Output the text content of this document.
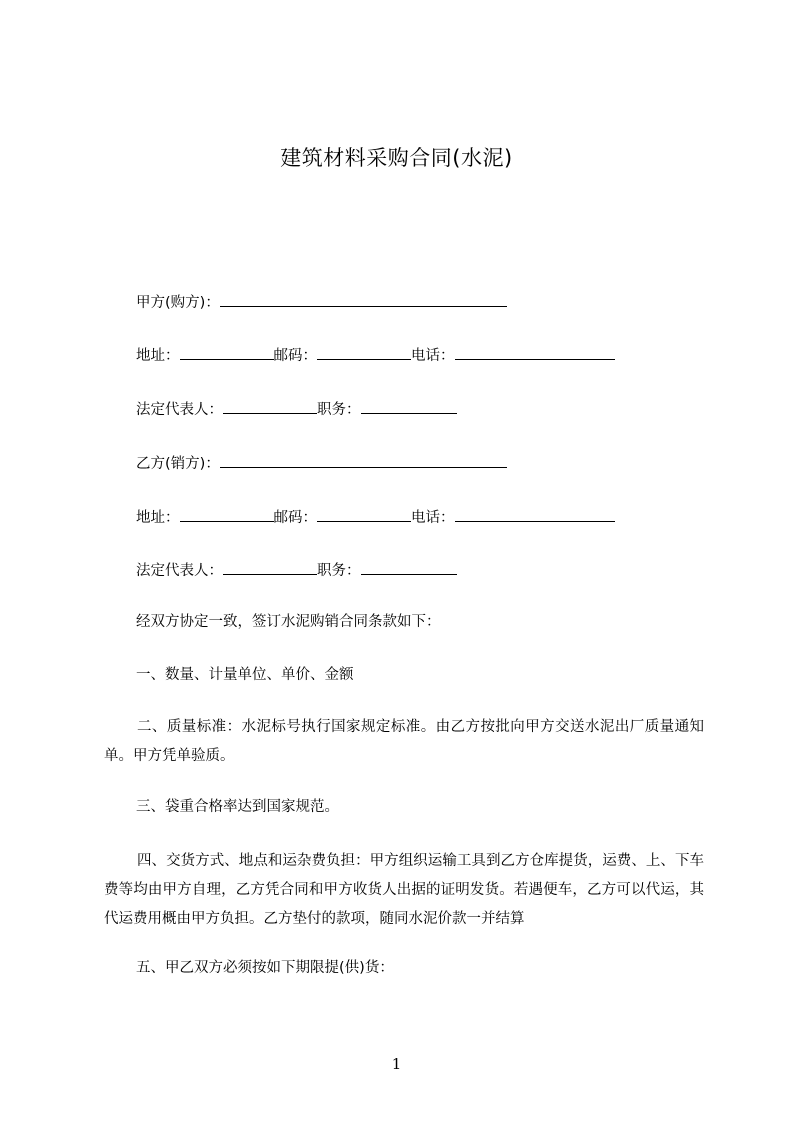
建筑材料采购合同(水泥)
甲方(购方)：
地址：	邮码：	电话：
法定代表人：	职务：
乙方(销方)：
地址：	邮码：	电话：
法定代表人：	职务：
经双方协定一致，签订水泥购销合同条款如下：
一、数量、计量单位、单价、金额
二、质量标准：水泥标号执行国家规定标准。由乙方按批向甲方交送水泥出厂质量通知单。甲方凭单验质。
三、袋重合格率达到国家规范。
四、交货方式、地点和运杂费负担：甲方组织运输工具到乙方仓库提货，运费、上、下车费等均由甲方自理，乙方凭合同和甲方收货人出据的证明发货。若遇便车，乙方可以代运，其代运费用概由甲方负担。乙方垫付的款项，随同水泥价款一并结算
五、甲乙双方必须按如下期限提(供)货：
1
